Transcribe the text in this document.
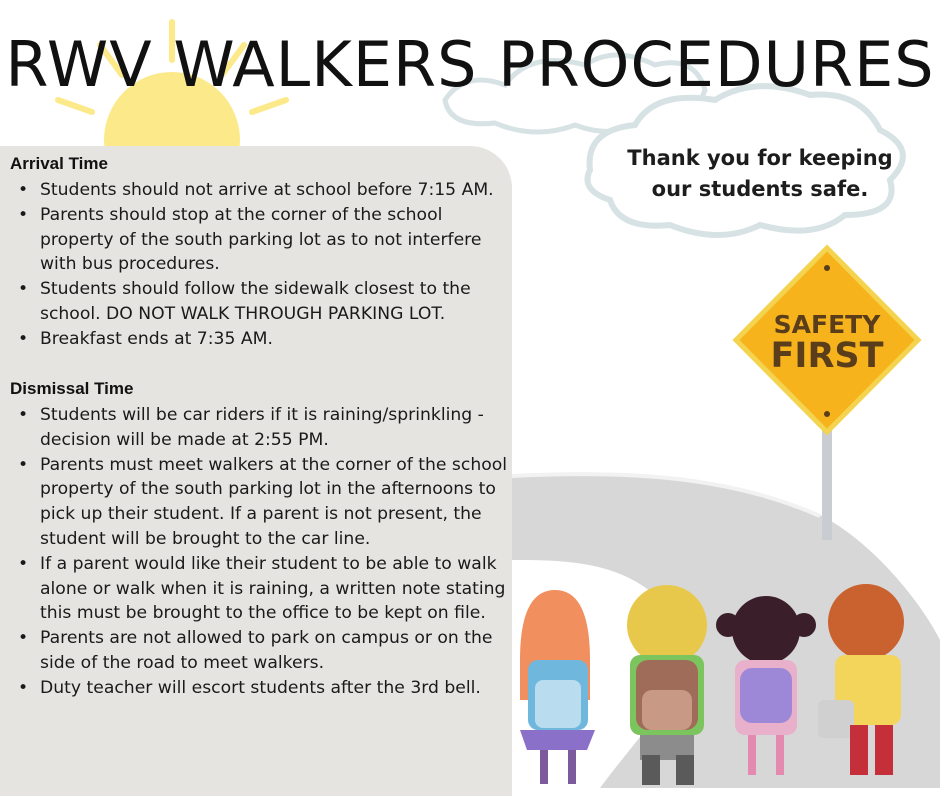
RWV WALKERS PROCEDURES
Thank you for keeping our students safe.
SAFETY
FIRST
Arrival Time
• Students should not arrive at school before 7:15 AM.
• Parents should stop at the corner of the school property of the south parking lot as to not interfere with bus procedures.
• Students should follow the sidewalk closest to the school. DO NOT WALK THROUGH PARKING LOT.
• Breakfast ends at 7:35 AM.
Dismissal Time
• Students will be car riders if it is raining/sprinkling - decision will be made at 2:55 PM.
• Parents must meet walkers at the corner of the school property of the south parking lot in the afternoons to pick up their student. If a parent is not present, the student will be brought to the car line.
• If a parent would like their student to be able to walk alone or walk when it is raining, a written note stating this must be brought to the office to be kept on file.
• Parents are not allowed to park on campus or on the side of the road to meet walkers.
• Duty teacher will escort students after the 3rd bell.
